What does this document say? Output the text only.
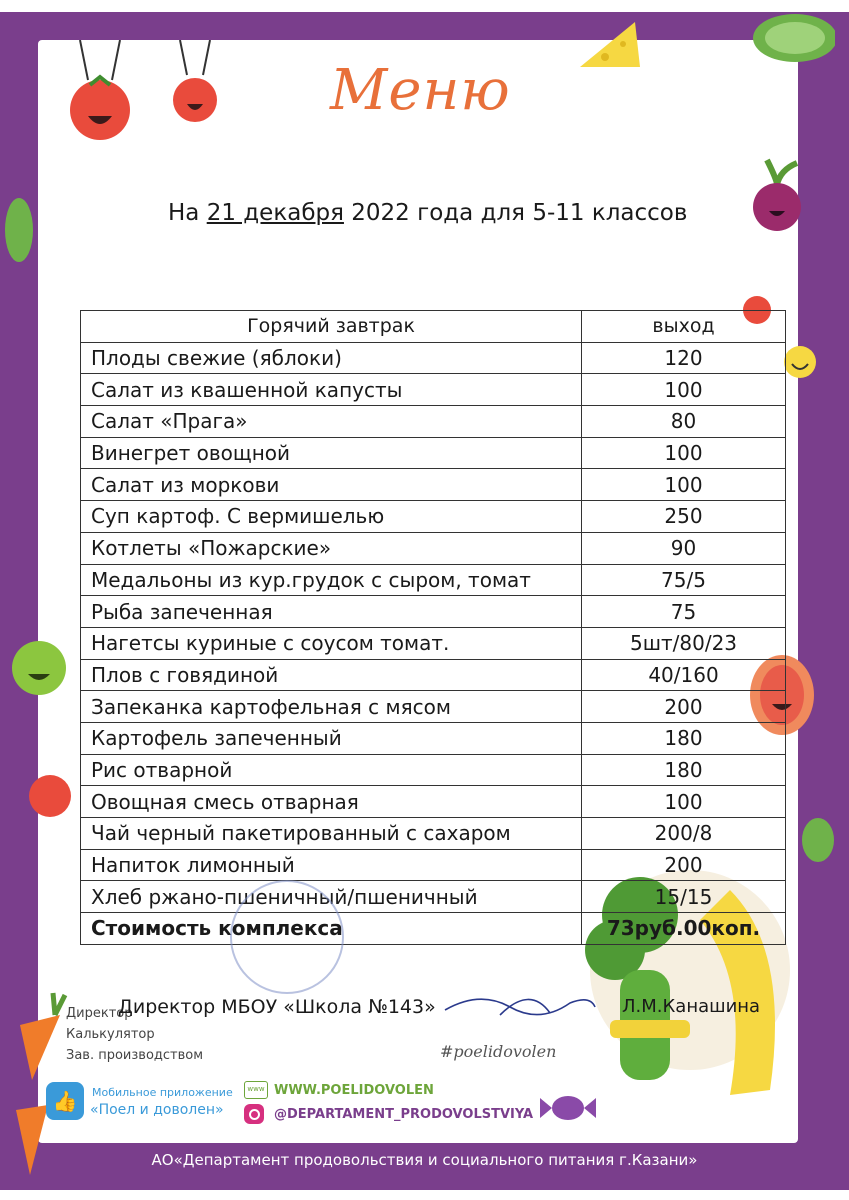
Меню
На 21 декабря 2022 года для 5-11 классов
Горячий завтрак	выход
Плоды свежие (яблоки)	120
Салат из квашенной капусты	100
Салат «Прага»	80
Винегрет овощной	100
Салат из моркови	100
Суп картоф. С вермишелью	250
Котлеты «Пожарские»	90
Медальоны из кур.грудок с сыром, томат	75/5
Рыба запеченная	75
Нагетсы куриные с соусом томат.	5шт/80/23
Плов с говядиной	40/160
Запеканка картофельная с мясом	200
Картофель запеченный	180
Рис отварной	180
Овощная смесь отварная	100
Чай черный пакетированный с сахаром	200/8
Напиток лимонный	200
Хлеб ржано-пшеничный/пшеничный	15/15
Стоимость комплекса	73руб.00коп.
Директор
Калькулятор
Зав. производством
Директор МБОУ «Школа №143»	Л.М.Канашина
#poelidovolen
👍	Мобильное приложение
«Поел и доволен»
www WWW.POELIDOVOLEN
@DEPARTAMENT_PRODOVOLSTVIYA
АО«Департамент продовольствия и социального питания г.Казани»
